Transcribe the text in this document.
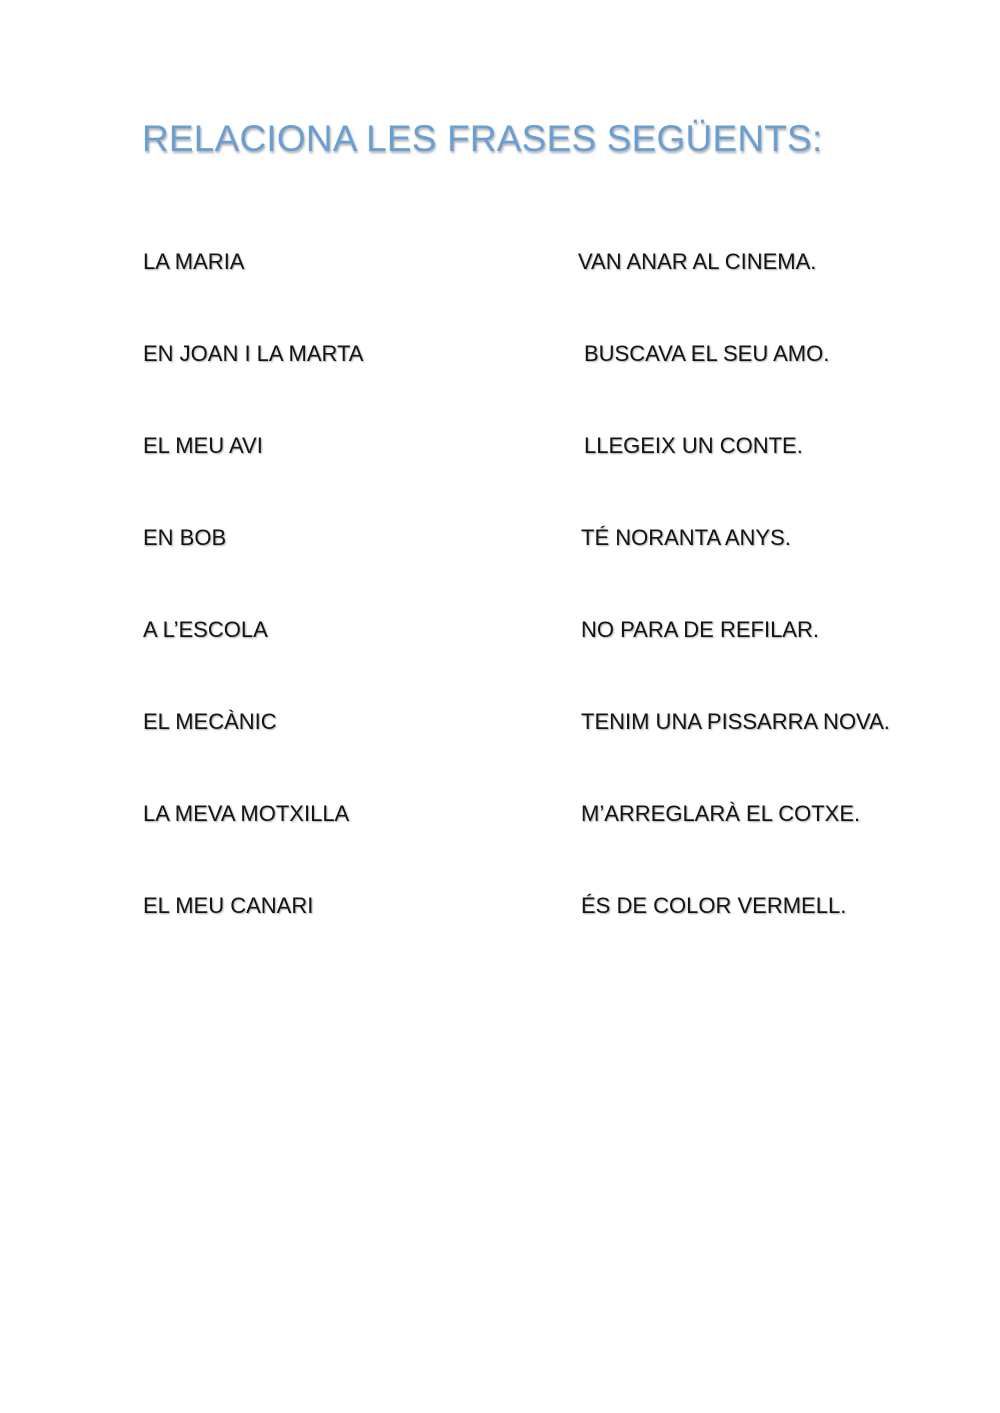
RELACIONA LES FRASES SEGÜENTS:

LA MARIA

EN JOAN I LA MARTA

EL MEU AVI

EN BOB

A L’ESCOLA

EL MECÀNIC

LA MEVA MOTXILLA

EL MEU CANARI

VAN ANAR AL CINEMA.

BUSCAVA EL SEU AMO.

LLEGEIX UN CONTE.

TÉ NORANTA ANYS.

NO PARA DE REFILAR.

TENIM UNA PISSARRA NOVA.

M’ARREGLARÀ EL COTXE.

ÉS DE COLOR VERMELL.
